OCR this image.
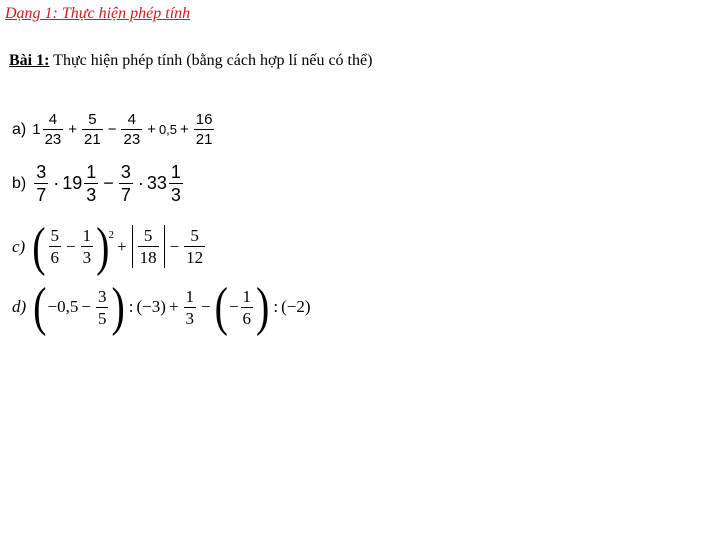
Dạng 1: Thực hiện phép tính
Bài 1: Thực hiện phép tính (bằng cách hợp lí nếu có thể)
a) $1 \frac{4}{23} + \frac{5}{21} - \frac{4}{23} + 0,5 + \frac{16}{21}$
$b) \frac{3}{7} \cdot 19 \frac{1}{3} - \frac{3}{7} \cdot 33 \frac{1}{3}$
c) ( $\frac{5}{6} - \frac{1}{3}$ ) 2
+ $\frac{5}{18} - \frac{5}{12}$
d) ( $-0,5 - \frac{3}{5}$ ) : ( −3 ) + $\frac{1}{3}$ − ( − $\frac{1}{6}$ ) : ( −2 )
